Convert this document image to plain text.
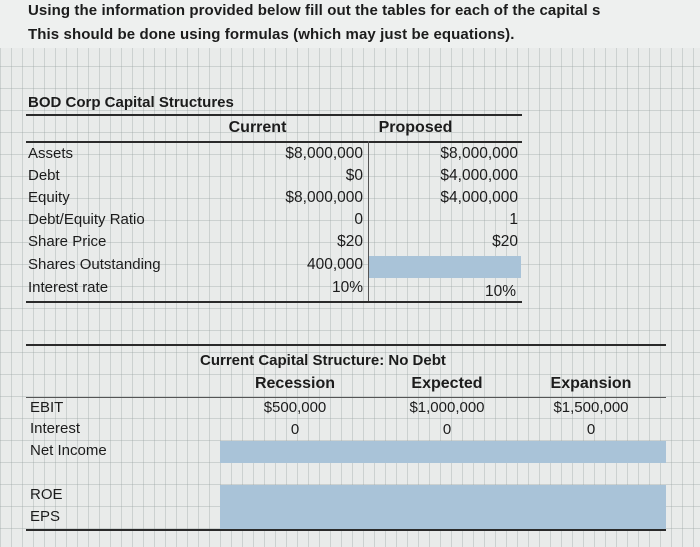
Using the information provided below fill out the tables for each of the capital s
This should be done using formulas (which may just be equations).
BOD Corp Capital Structures
Current	Proposed
Assets	$8,000,000	$8,000,000
Debt	$0	$4,000,000
Equity	$8,000,000	$4,000,000
Debt/Equity Ratio	0	1
Share Price	$20	$20
Shares Outstanding	400,000
Interest rate	10%	10%
Current Capital Structure: No Debt
Recession	Expected	Expansion
EBIT	$500,000	$1,000,000	$1,500,000
Interest	0	0	0
Net Income
ROE
EPS
